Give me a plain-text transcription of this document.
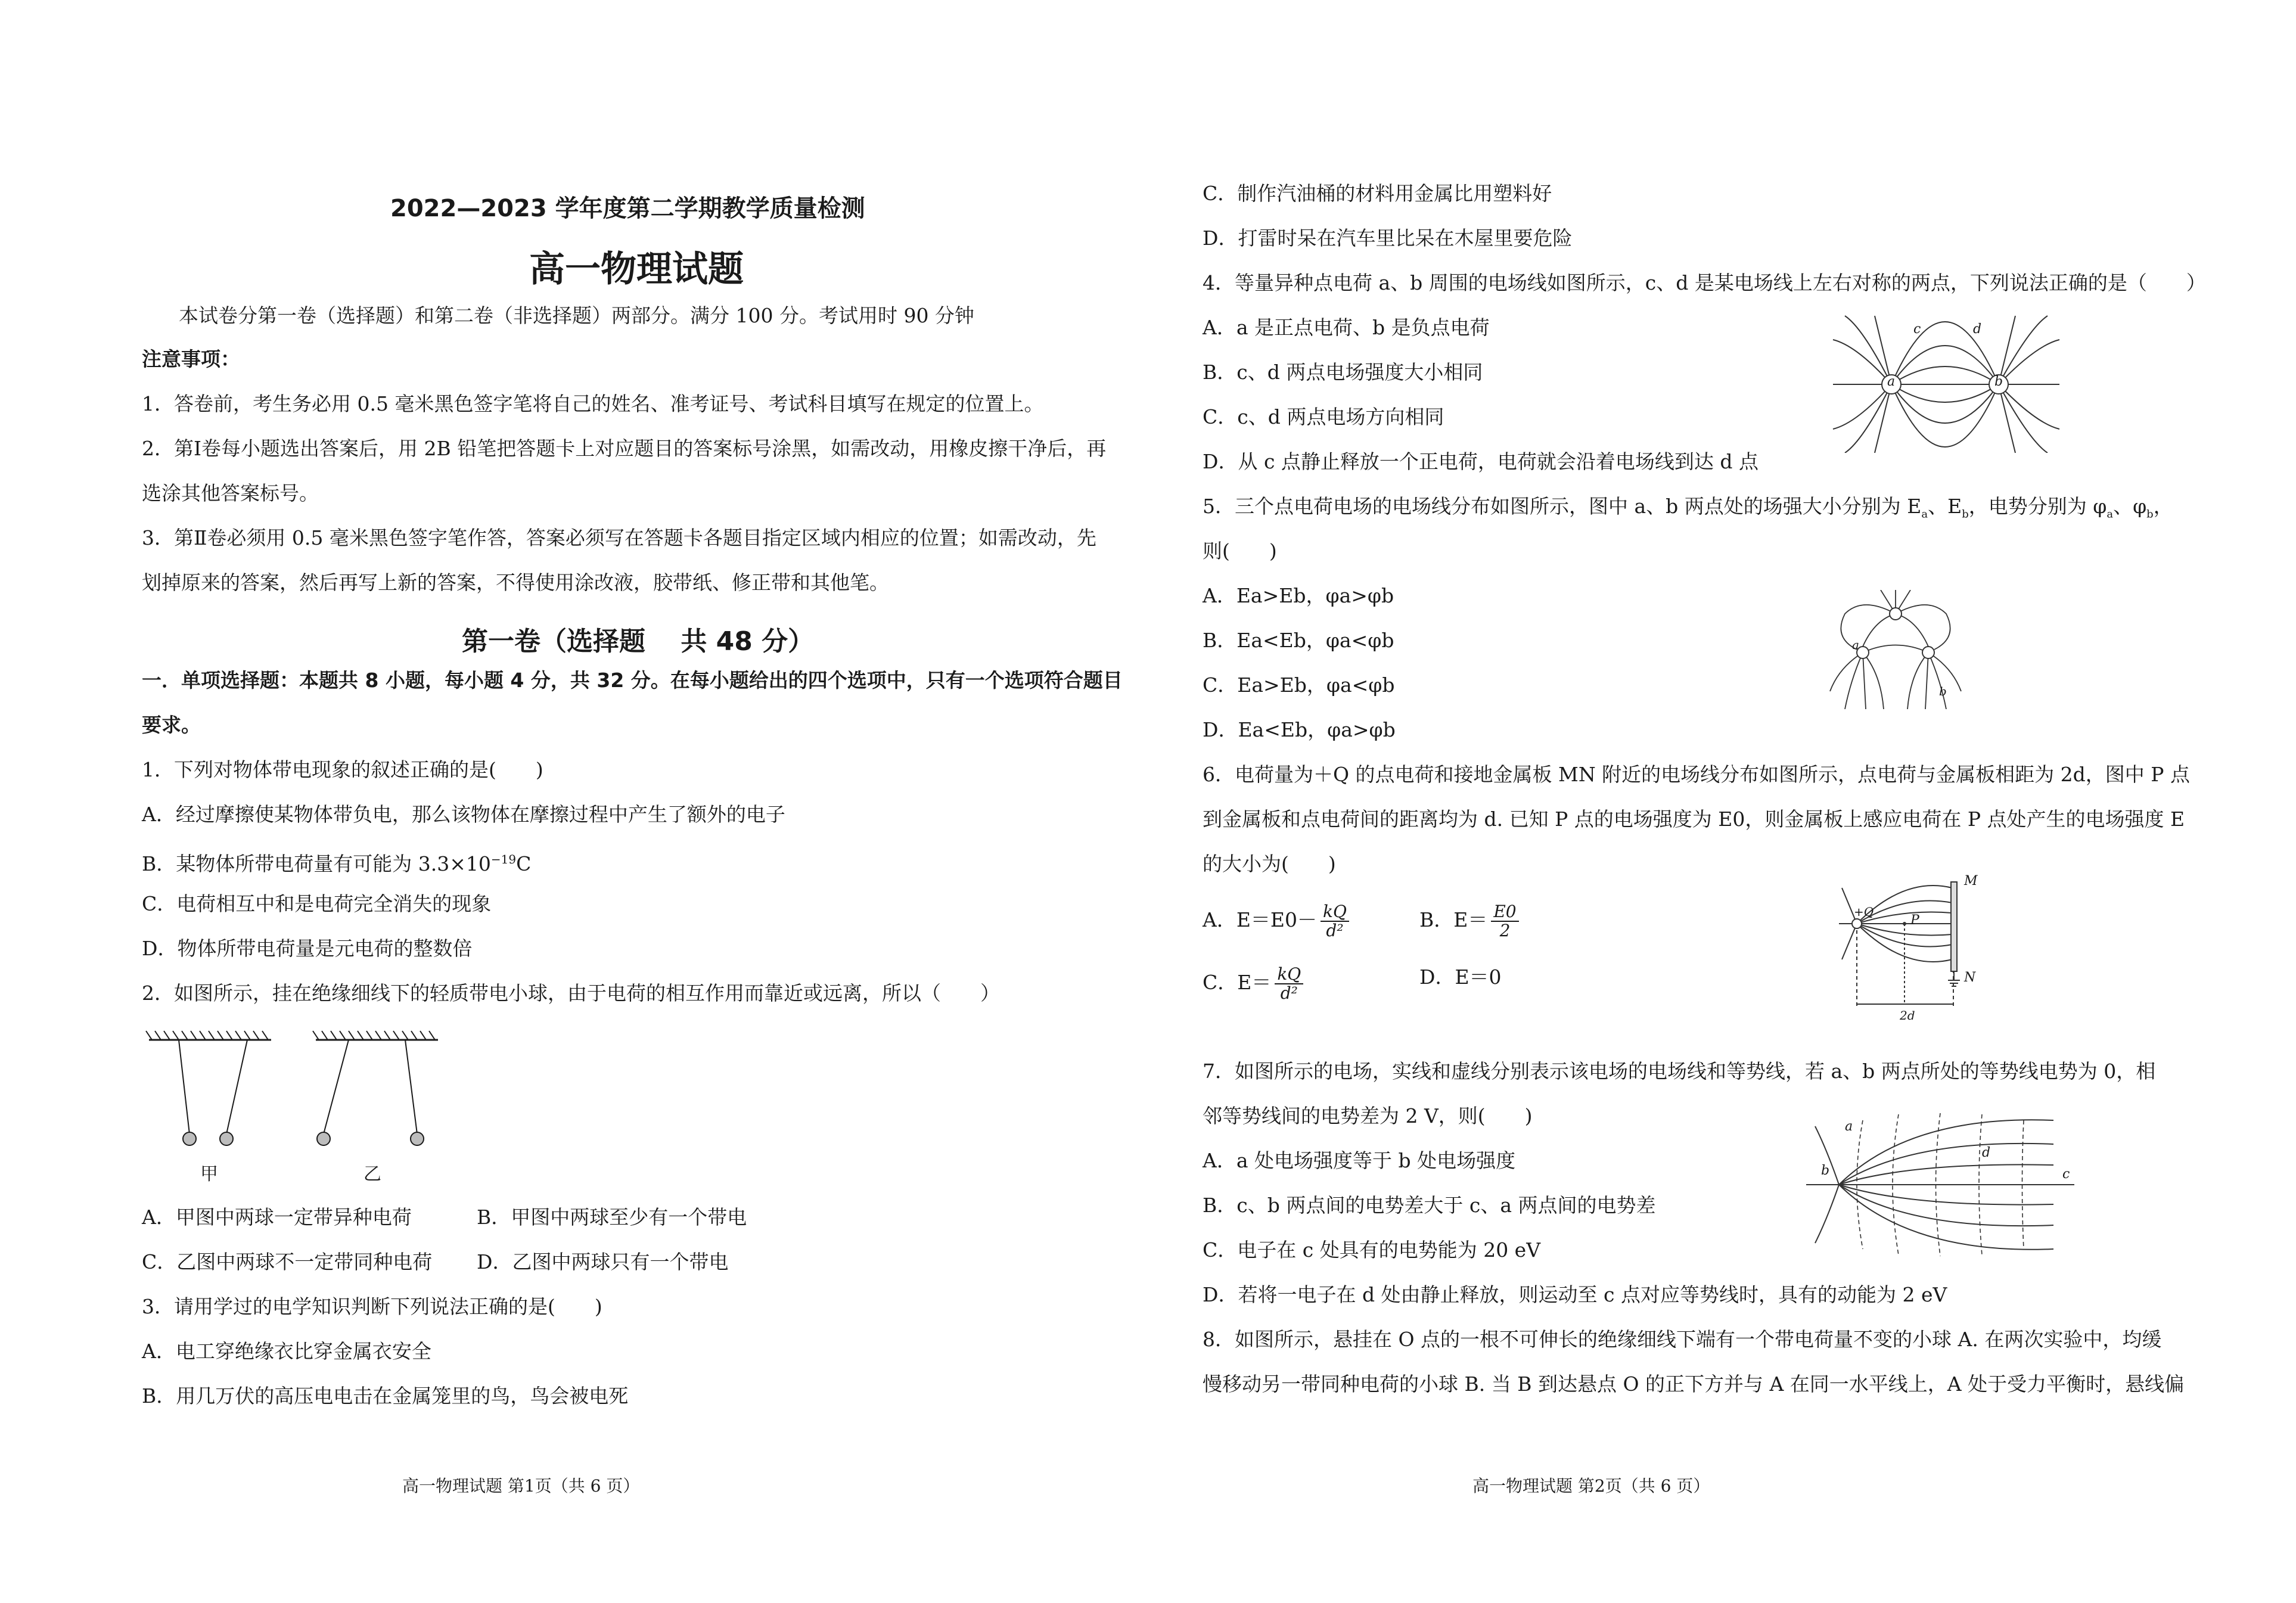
2022—2023 学年度第二学期教学质量检测
高一物理试题
本试卷分第一卷（选择题）和第二卷（非选择题）两部分。满分 100 分。考试用时 90 分钟
注意事项：
1．答卷前，考生务必用 0.5 毫米黑色签字笔将自己的姓名、准考证号、考试科目填写在规定的位置上。
2．第Ⅰ卷每小题选出答案后，用 2B 铅笔把答题卡上对应题目的答案标号涂黑，如需改动，用橡皮擦干净后，再
选涂其他答案标号。
3．第Ⅱ卷必须用 0.5 毫米黑色签字笔作答，答案必须写在答题卡各题目指定区域内相应的位置；如需改动，先
划掉原来的答案，然后再写上新的答案，不得使用涂改液，胶带纸、修正带和其他笔。
第一卷（选择题　 共 48 分）
一．单项选择题：本题共 8 小题，每小题 4 分，共 32 分。在每小题给出的四个选项中，只有一个选项符合题目
要求。
1．下列对物体带电现象的叙述正确的是(　　)
A．经过摩擦使某物体带负电，那么该物体在摩擦过程中产生了额外的电子
B．某物体所带电荷量有可能为 $3.3\times 10^{-19}C$
C．电荷相互中和是电荷完全消失的现象
D．物体所带电荷量是元电荷的整数倍
2．如图所示，挂在绝缘细线下的轻质带电小球，由于电荷的相互作用而靠近或远离，所以（　　）
甲	乙
A．甲图中两球一定带异种电荷	B．甲图中两球至少有一个带电
C．乙图中两球不一定带同种电荷 D．乙图中两球只有一个带电
3．请用学过的电学知识判断下列说法正确的是(　　)
A．电工穿绝缘衣比穿金属衣安全
B．用几万伏的高压电电击在金属笼里的鸟，鸟会被电死
高一物理试题 第1页（共 6 页）
C．制作汽油桶的材料用金属比用塑料好
D．打雷时呆在汽车里比呆在木屋里要危险
4．等量异种点电荷 a、b 周围的电场线如图所示，c、d 是某电场线上左右对称的两点，下列说法正确的是（　　）
A．a 是正点电荷、b 是负点电荷
B．c、d 两点电场强度大小相同
C．c、d 两点电场方向相同
D．从 c 点静止释放一个正电荷，电荷就会沿着电场线到达 d 点
a	b
c	d
5．三个点电荷电场的电场线分布如图所示，图中 a、b 两点处的场强大小分别为 $E_a$、$E_b$，电势分别为 $\varphi_a$、$\varphi_b$，
则(　　)
A．Ea>Eb，φa>φb
B．Ea<Eb，φa<φb
C．Ea>Eb，φa<φb
D．Ea<Eb，φa>φb
a
b
6．电荷量为＋Q 的点电荷和接地金属板 MN 附近的电场线分布如图所示，点电荷与金属板相距为 2d，图中 P 点
到金属板和点电荷间的距离均为 d. 已知 P 点的电场强度为 E0，则金属板上感应电荷在 P 点处产生的电场强度 E
的大小为(　　)
A．$E=E0- \frac{kQ}{\text{d²}}$	B．$E= \frac{E0}{2}$
C．$E= \frac{kQ}{\text{d²}}$	D．E＝0
M
N
P
+Q
2d
7．如图所示的电场，实线和虚线分别表示该电场的电场线和等势线，若 a、b 两点所处的等势线电势为 0，相
邻等势线间的电势差为 2 V，则(　　)
A．a 处电场强度等于 b 处电场强度
B．c、b 两点间的电势差大于 c、a 两点间的电势差
C．电子在 c 处具有的电势能为 20 eV
D．若将一电子在 d 处由静止释放，则运动至 c 点对应等势线时，具有的动能为 2 eV
a
b	c
d
8．如图所示，悬挂在 O 点的一根不可伸长的绝缘细线下端有一个带电荷量不变的小球 A. 在两次实验中，均缓
慢移动另一带同种电荷的小球 B. 当 B 到达悬点 O 的正下方并与 A 在同一水平线上，A 处于受力平衡时，悬线偏
高一物理试题 第2页（共 6 页）
